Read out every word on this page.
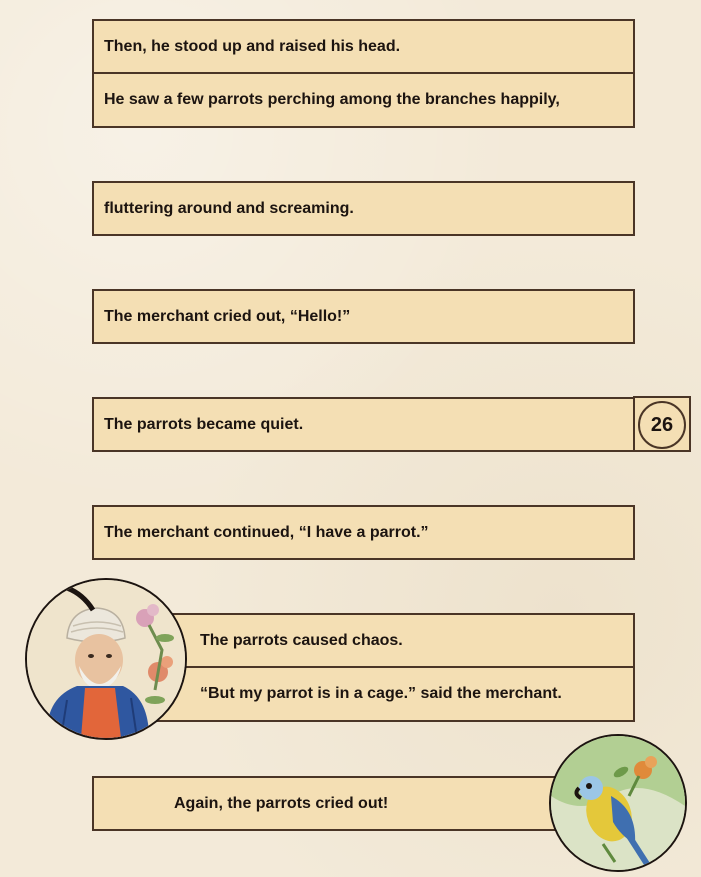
Then, he stood up and raised his head.
He saw a few parrots perching among the branches happily,
fluttering around and screaming.
The merchant cried out, “Hello!”
The parrots became quiet.	26
The merchant continued, “I have a parrot.”
The parrots caused chaos.
“But my parrot is in a cage.” said the merchant.
Again, the parrots cried out!
